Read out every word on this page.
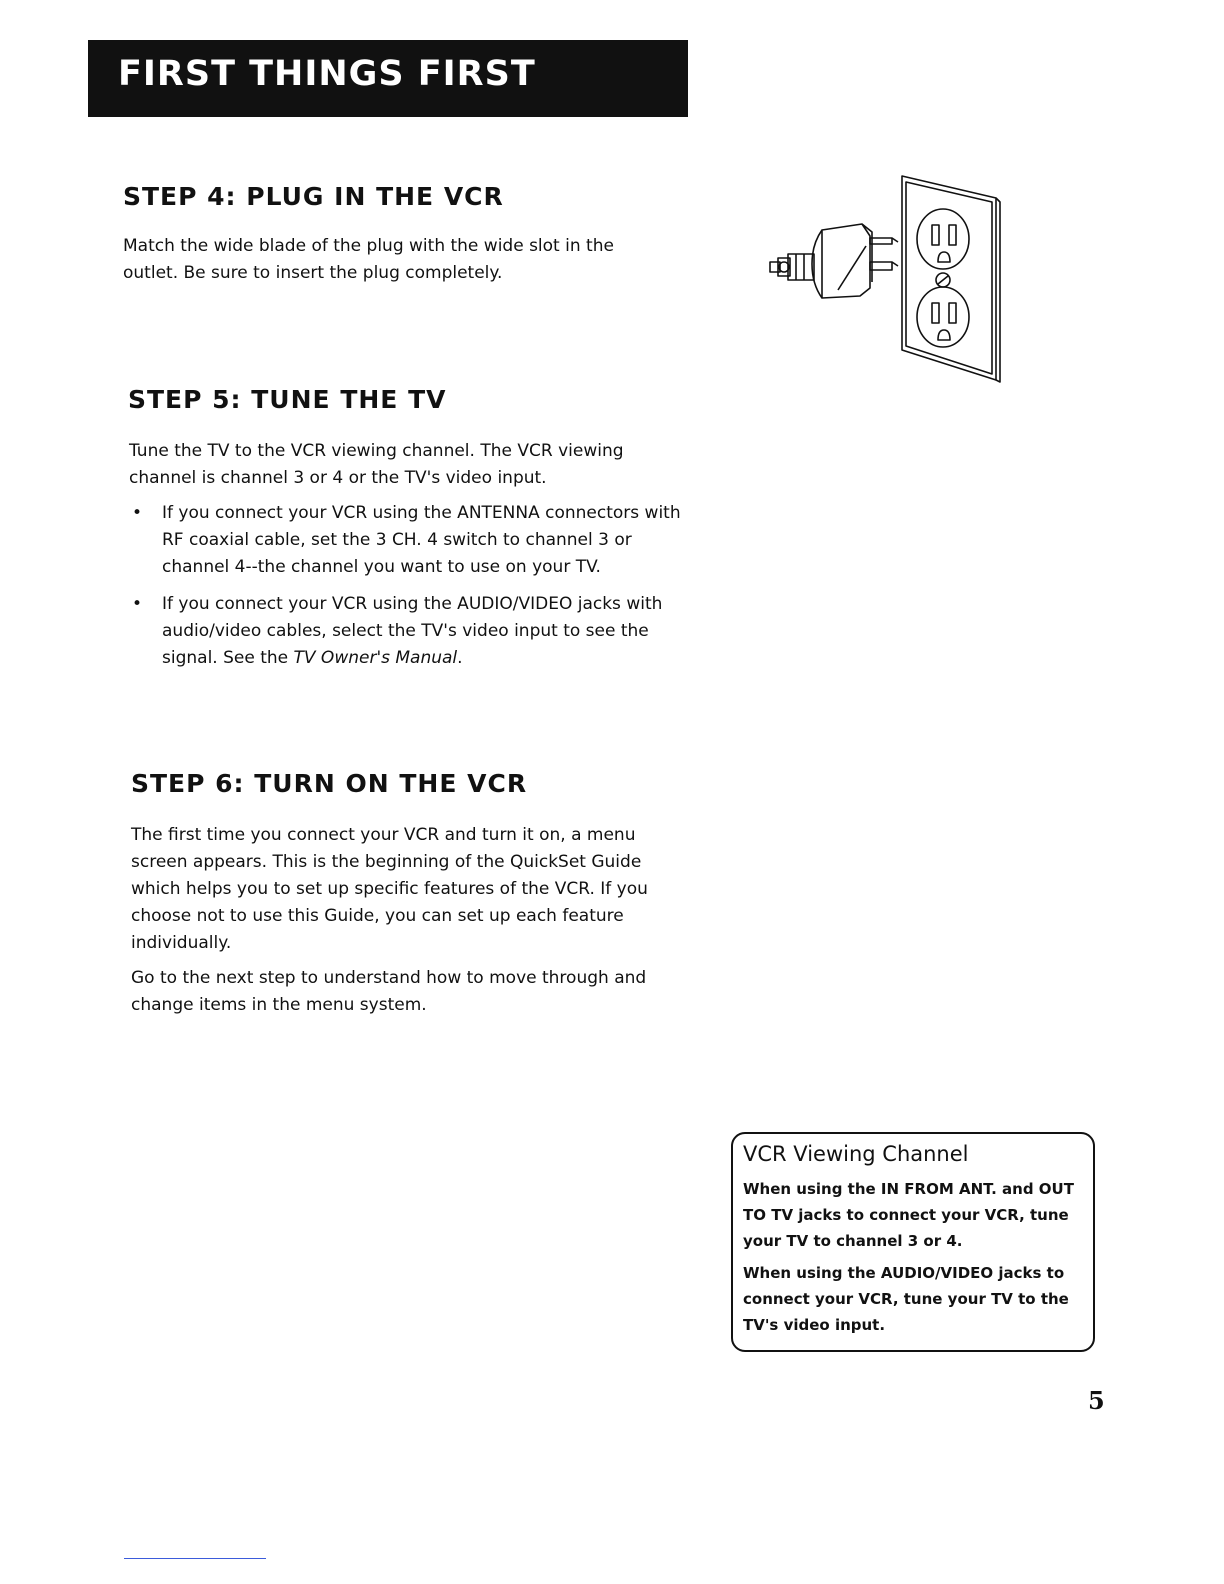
FIRST THINGS FIRST
STEP 4: PLUG IN THE VCR

Match the wide blade of the plug with the wide slot in the outlet. Be sure to insert the plug completely.

STEP 5: TUNE THE TV

Tune the TV to the VCR viewing channel. The VCR viewing channel is channel 3 or 4 or the TV's video input.

• If you connect your VCR using the ANTENNA connectors with RF coaxial cable, set the 3 CH. 4 switch to channel 3 or channel 4--the channel you want to use on your TV.
• If you connect your VCR using the AUDIO/VIDEO jacks with audio/video cables, select the TV's video input to see the signal. See the TV Owner's Manual.
STEP 6: TURN ON THE VCR

The first time you connect your VCR and turn it on, a menu screen appears. This is the beginning of the QuickSet Guide which helps you to set up specific features of the VCR. If you choose not to use this Guide, you can set up each feature individually.

Go to the next step to understand how to move through and change items in the menu system.

VCR Viewing Channel

When using the IN FROM ANT. and OUT TO TV jacks to connect your VCR, tune your TV to channel 3 or 4.

When using the AUDIO/VIDEO jacks to connect your VCR, tune your TV to the TV's video input.

5
